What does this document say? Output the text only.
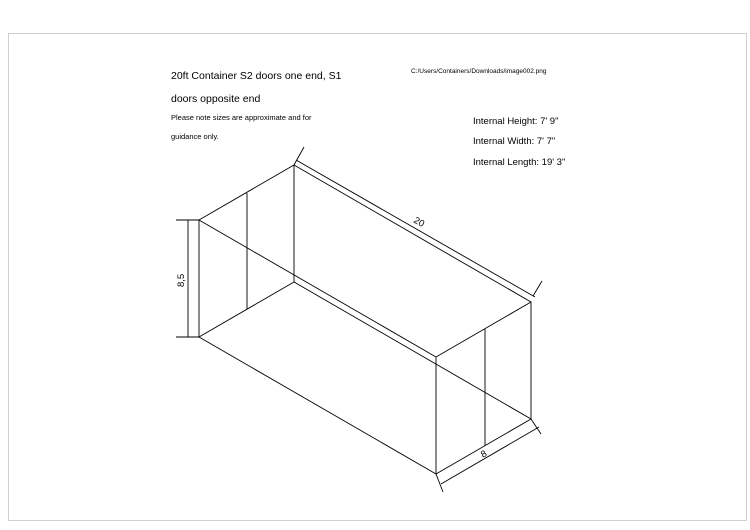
20ft Container S2 doors one end, S1
doors opposite end
Please note sizes are approximate and for
guidance only.
C:/Users/Containers/Downloads/image002.png
Internal Height: 7' 9"
Internal Width: 7' 7"
Internal Length: 19' 3"
20
8,5
8
